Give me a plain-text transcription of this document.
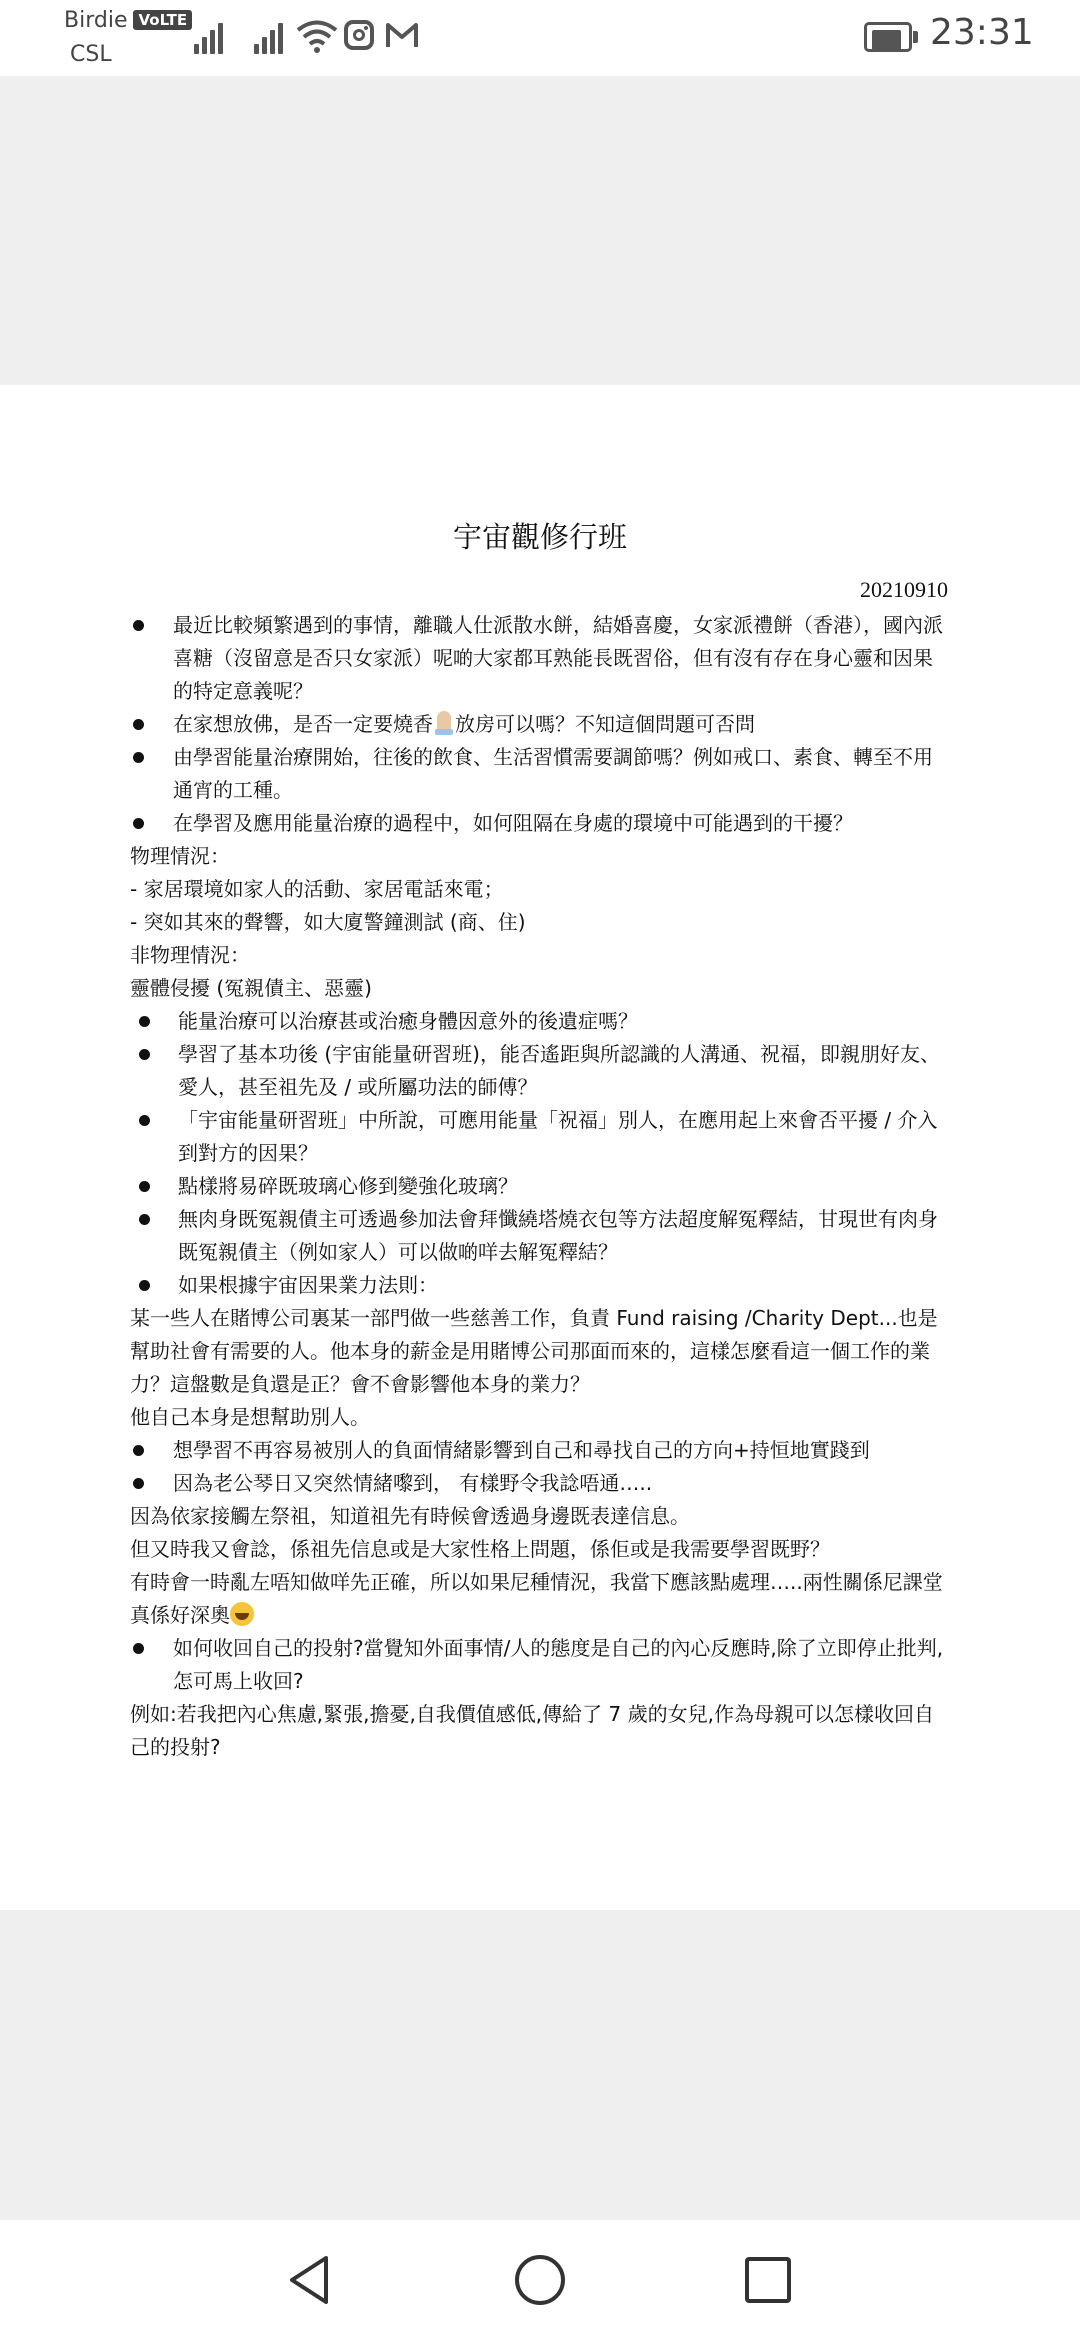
Birdie VoLTE
CSL
23:31
宇宙觀修行班
20210910

最近比較頻繁遇到的事情，離職人仕派散水餅，結婚喜慶，女家派禮餅（香港），國內派喜糖（沒留意是否只女家派）呢啲大家都耳熟能長既習俗，但有沒有存在身心靈和因果的特定意義呢？

在家想放佛，是否一定要燒香 放房可以嗎？不知這個問題可否問

由學習能量治療開始，往後的飲食、生活習慣需要調節嗎？例如戒口、素食、轉至不用通宵的工種。

在學習及應用能量治療的過程中，如何阻隔在身處的環境中可能遇到的干擾？

物理情況：

- 家居環境如家人的活動、家居電話來電；

- 突如其來的聲響，如大廈警鐘測試 (商、住)

非物理情況：

靈體侵擾 (冤親債主、惡靈)

能量治療可以治療甚或治癒身體因意外的後遺症嗎？

學習了基本功後 (宇宙能量研習班)，能否遙距與所認識的人溝通、祝福，即親朋好友、愛人，甚至祖先及 / 或所屬功法的師傅？

「宇宙能量研習班」中所說，可應用能量「祝福」別人，在應用起上來會否平擾 / 介入到對方的因果？

點樣將易碎既玻璃心修到變強化玻璃？

無肉身既冤親債主可透過參加法會拜懺繞塔燒衣包等方法超度解冤釋結，甘現世有肉身既冤親債主（例如家人）可以做啲咩去解冤釋結？

如果根據宇宙因果業力法則：

某一些人在賭博公司裏某一部門做一些慈善工作，負責 Fund raising /Charity Dept...也是幫助社會有需要的人。他本身的薪金是用賭博公司那面而來的，這樣怎麼看這一個工作的業力？這盤數是負還是正？會不會影響他本身的業力？

他自己本身是想幫助別人。

想學習不再容易被別人的負面情緒影響到自己和尋找自己的方向+持恒地實踐到

因為老公琴日又突然情緒嚟到， 有樣野令我諗唔通…..

因為依家接觸左祭祖，知道祖先有時候會透過身邊既表達信息。

但又時我又會諗，係祖先信息或是大家性格上問題，係佢或是我需要學習既野？

有時會一時亂左唔知做咩先正確，所以如果尼種情況，我當下應該點處理…..兩性關係尼課堂真係好深奧

如何收回自己的投射?當覺知外面事情/人的態度是自己的內心反應時,除了立即停止批判,怎可馬上收回?

例如:若我把內心焦慮,緊張,擔憂,自我價值感低,傳給了 7 歲的女兒,作為母親可以怎樣收回自己的投射?
